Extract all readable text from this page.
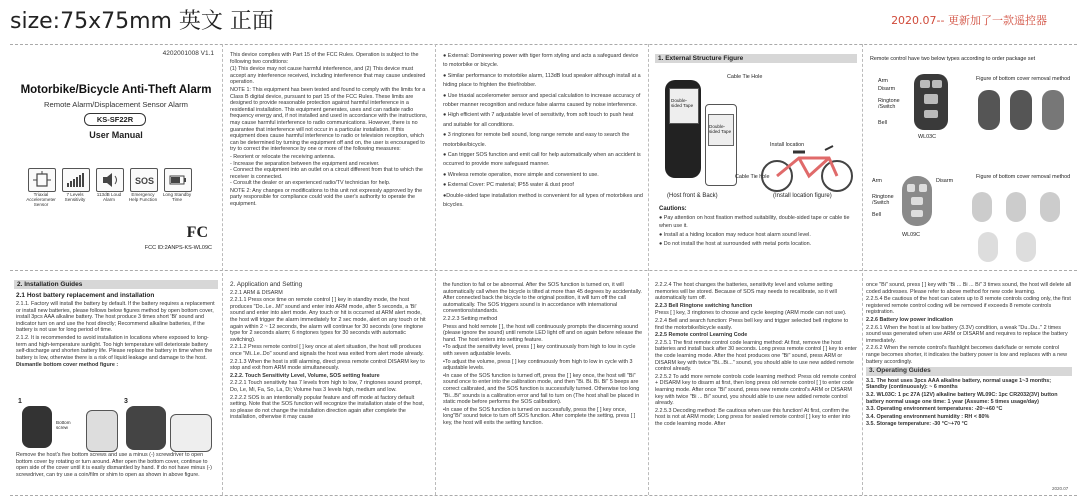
size:75x75mm 英文 正面	2020.07-- 更新加了一款遥控器
4202001008 V1.1
Motorbike/Bicycle Anti-Theft Alarm
Remote Alarm/Displacement Sensor Alarm
KS-SF22R
User Manual
Triaxial Accelerometer Sensor
7 Levels Sensitivity
113dB Loud Alarm
SOS
Emergency Help Function
Long Standby Time
FC
FCC ID:2ANPS-KS-WL09C

This device complies with Part 15 of the FCC Rules. Operation is subject to the following two conditions:

(1) This device may not cause harmful interference, and (2) This device must accept any interference received, including interference that may cause undesired operation.

NOTE 1: This equipment has been tested and found to comply with the limits for a Class B digital device, pursuant to part 15 of the FCC Rules. These limits are designed to provide reasonable protection against harmful interference in a residential installation. This equipment generates, uses and can radiate radio frequency energy and, if not installed and used in accordance with the instructions, may cause harmful interference to radio communications. However, there is no guarantee that interference will not occur in a particular installation. If this equipment does cause harmful interference to radio or television reception, which can be determined by turning the equipment off and on, the user is encouraged to try to correct the interference by one or more of the following measures:

- Reorient or relocate the receiving antenna.

- Increase the separation between the equipment and receiver.

- Connect the equipment into an outlet on a circuit different from that to which the receiver is connected.

- Consult the dealer or an experienced radio/TV technician for help.

NOTE 2: Any changes or modifications to this unit not expressly approved by the party responsible for compliance could void the user's authority to operate the equipment.

● External: Domineering power with tiger form styling and acts a safeguard device to motorbike or bicycle.

● Similar performance to motorbike alarm, 113dB loud speaker although install at a hiding place to frighten the thief/robber.

● Use triaxial accelerometer sensor and special calculation to increase accuracy of robber manner recognition and reduce false alarms caused by noise interference.

● High efficient with 7 adjustable level of sensitivity, from soft touch to push heat and suitable for all conditions.

● 3 ringtones for remote bell sound, long range remote and easy to search the motorbike/bicycle.

● Can trigger SOS function and emit call for help automatically when an accident is occurred to provide more safeguard manner.

● Wireless remote operation, more simple and convenient to use.

● External Cover: PC material; IP55 water & dust proof

●Double-sided tape installation method is convenient for all types of motorbikes and bicycles.

1. External Structure Figure
Double-sided Tape
Double-sided Tape
Cable Tie Hole
Cable Tie hole
Install location
(Host front & Back)	(Install location figure)
Cautions:

● Pay attention on host fixation method suitability, double-sided tape or cable tie when use it.

● Install at a hiding location may reduce host alarm sound level.

● Do not install the host at surrounded with metal ports location.

Remote control have two below types according to order package set
Arm
Disarm
Ringtone /Switch
Bell
WL03C
Figure of bottom cover removal method
Arm	Disarm
Ringtone /Switch
Bell
WL09C
Figure of bottom cover removal method
2. Installation Guides
2.1 Host battery replacement and installation

2.1.1. Factory will install the battery by default. If the battery requires a replacement or install new batteries, please follows below figures method by open bottom cover, install 3pcs AAA alkaline battery. The host produce 3 times short 'Bi' sound and indicator turn on and use the host directly; Recommend alkaline batteries, if the battery is not use for long period of time.

2.1.2. It is recommended to avoid installation in locations where exposed to long-term and high-temperature sunlight. Too high temperature will deteriorate battery self-discharge and shorten battery life. Please replace the battery in time when the battery is low, otherwise there is a risk of liquid leakage and damage to the host.

Dismantle bottom cover method figure :

1	3
Bottom screw

Remove the host's five bottom screws and use a minus (-) screwdriver to open bottom cover by rotating or turn around. After open the bottom cover, continue to open side of the cover until it is easily dismantled by hand. If do not have minus (-) screwdriver, can try use a coin/film or shim to open as shown in above figure.

2. Application and Setting

2.2.1 ARM & DISARM

2.2.1.1 Press once time on remote control [ ] key in standby mode, the host produces "Do..Le...Mi" sound and enter into ARM mode, after 5 seconds, a 'Bi' sound and enter into alert mode. Any touch or hit is occurred at ARM alert mode, the host will trigger the alarm immediately for 2 sec mode, alert on any touch or hit again within 2 ~ 12 seconds, the alarm will continue for 30 seconds (one ringtone type for 2 seconds alarm; 6 ringtones types for 30 seconds with automatic switching).

2.2.1.2 Press remote control [ ] key once at alert situation, the host will produces once "Mi..Le..Do" sound and signals the host was exited from alert mode already.

2.2.1.3 When the host is still alarming, direct press remote control DISARM key to stop and exit from ARM mode simultaneously.

2.2.2. Touch Sensitivity Level, Volume, SOS setting feature

2.2.2.1 Touch sensitivity has 7 levels from high to low, 7 ringtones sound prompt, Do, Le, Mi, Fa, So, La, Di; Volume has 3 levels high, medium and low.

2.2.2.2 SOS is an intentionally popular feature and off mode at factory default setting. Note that the SOS function will recognize the installation state of the host, so please do not change the installation direction again after complete the installation, otherwise it may cause

the function to fail or be abnormal. After the SOS function is turned on, it will automatically call when the bicycle is tilted at more than 45 degrees by accidentally. After connected back the bicycle to the original position, it will turn off the call automatically. The SOS triggers sound is in accordance with international conventions/standards.

2.2.2.3 Setting method

Press and hold remote [ ], the host will continuously prompts the discerning sound (please ignore the sound) until remote LED light off and on again before release the hand. The host enters into setting feature.

•To adjust the sensitivity level, press [ ] key continuously from high to low in cycle with seven adjustable levels.

•To adjust the volume, press [ ] key continuously from high to low in cycle with 3 adjustable levels.

•In case of the SOS function is turned off, press the [ ] key once, the host will "Bi" sound once to enter into the calibration mode, and then "Bi. Bi. Bi. Bi" 5 beeps are correct calibrated, and the SOS function is successfully turned. Otherwise too long "Bi...Bi" sounds is a calibration error and fail to turn on (The host shall be placed in static mode before performs the SOS calibration).

•In case of the SOS function is turned on successfully, press the [ ] key once, long"Bi" sound twice to turn off SOS function. After complete the setting, press [ ] key, the host will exits the setting function.

2.2.2.4 The host changes the batteries, sensitivity level and volume setting memories will be stored. Because of SOS may needs to recalibrate, so it will automatically turn off.

2.2.3 Bell Ringtone switching function

Press [ ] key, 3 ringtones to choose and cycle keeping (ARM mode can not use).

2.2.4 Bell and search function: Press bell key and trigger selected bell ringtone to find the motorbike/bicycle easily.

2.2.5 Remote control Learning Code

2.2.5.1 The first remote control code learning method: At first, remove the host batteries and install back after 30 seconds. Long press remote control [ ] key to enter the code learning mode. After the host produces one "Bi" sound, press ARM or DISARM key with twice "Bi...Bi..." sound, you should able to use new added remote control already.

2.2.5.2 To add more remote controls code learning method: Press old remote control + DISARM key to disarm at first, then long press old remote control [ ] to enter code learning mode. After once "Bi" sound, press new remote control's ARM or DISARM key with twice "Bi ... Bi" sound, you should able to use new added remote control already.

2.2.5.3 Decoding method: Be cautious when use this function! At first, confirm the host is not at ARM mode; Long press for sealed remote control [ ] key to enter into the code learning mode. After

once "Bi" sound, press [ ] key with "Bi ... Bi ... Bi" 3 times sound, the host will delete all coded addresses. Please refer to above method for new code learning.

2.2.5.4 Be cautious of the host can caters up to 8 remote controls coding only, the first registered remote control coding will be removed if exceeds 8 remote controls registration.

2.2.6 Battery low power indication

2.2.6.1 When the host is at low battery (3.3V) condition, a weak "Du..Du.." 2 times sound was generated when use ARM or DISARM and requires to replace the battery immediately.

2.2.6.2 When the remote control's flashlight becomes dark/fade or remote control range becomes shorter, it indicates the battery power is low and replaces with a new battery accordingly.

3. Operating Guides

3.1. The host uses 3pcs AAA alkaline battery, normal usage 1~3 months; Standby (continuously): ~ 6 months

3.2. WL03C: 1 pc 27A (12V) alkaline battery WL09C: 1pc CR2032(3V) button battery normal usage one time: 1 year (Assume: 5 times usage/day)

3.3. Operating environment temperatures: -20~+60 °C

3.4. Operating environment humidity : RH < 80%

3.5. Storage temperature: -30 °C~+70 °C

2020.07
